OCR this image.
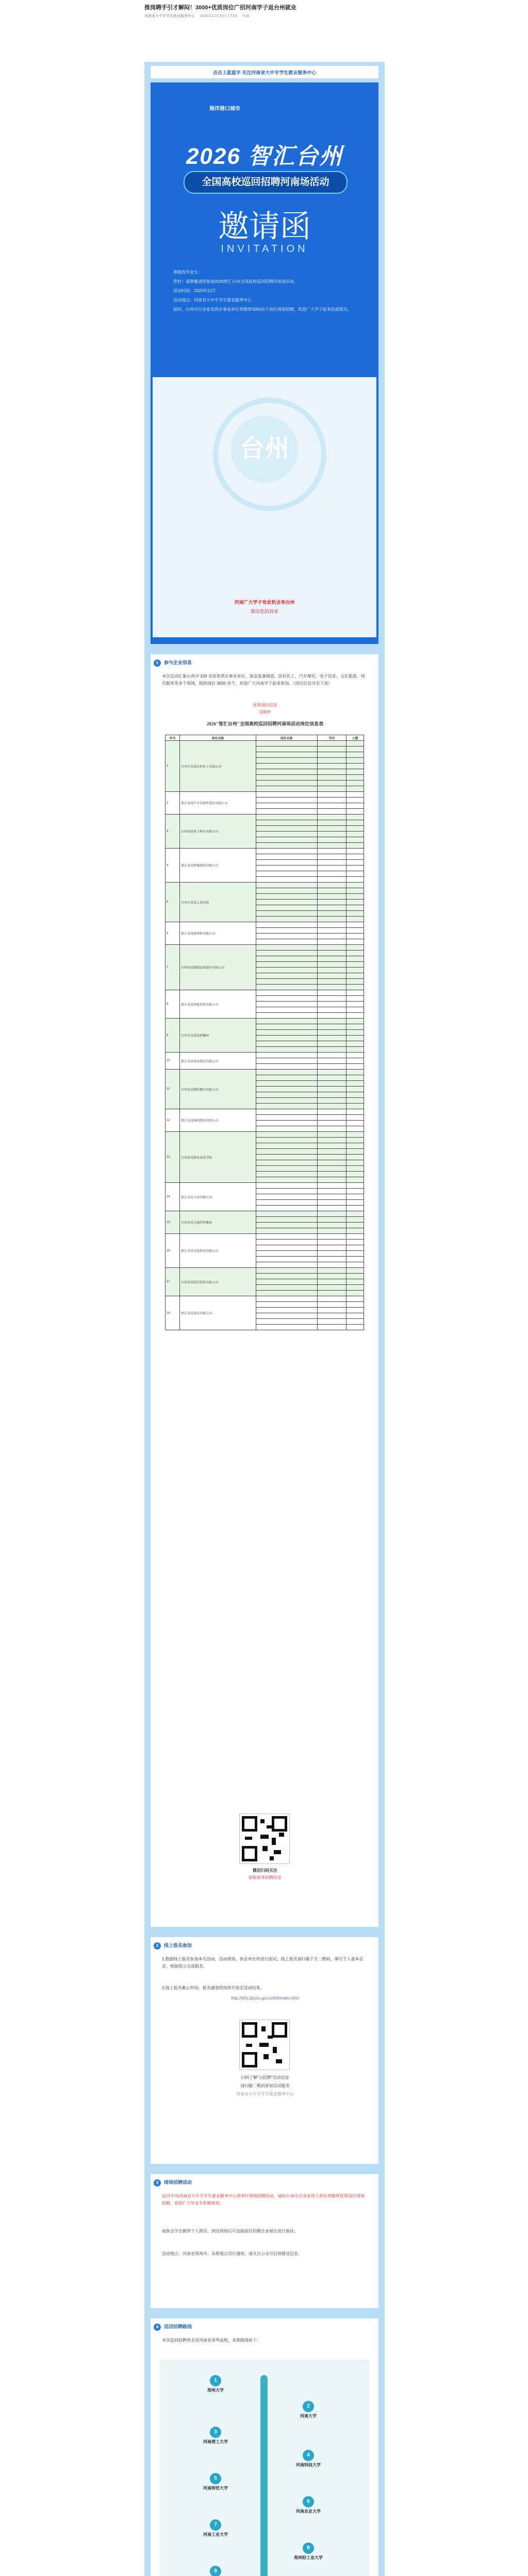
推岗聘手引才解闷！3000+优质岗位广招河南学子返台州就业
河南省大中专学生就业服务中心 2025年12月10日 17:03 河南
点击上蓝蓝字 关注河南省大中专学生就业服务中心
1 参与企业信息
本次活动汇集台州市 100 余家优质企事业单位，涵盖装备制造、医药化工、汽车摩托、电子信息、文化旅游、现代服务等多个领域，提供岗位 3000 余个，欢迎广大河南学子前来参加。（岗位信息详见下表）
更多岗位信息
见附件
2026"智汇台州"全国高校巡回招聘河南场活动岗位信息表
序号	单位名称	岗位名称	学历	人数
1	台州市某某医药化工有限公司			

2	浙江某某汽车零部件股份有限公司			

3	台州某某电子科技有限公司			

4	浙江某某机械制造有限公司			

5	台州市某某人民医院			

6	浙江某某新材料有限公司			

7	台州某某缝制设备股份有限公司			

8	浙江某某智能装备有限公司			

9	台州市某某投资集团			

10	浙江某某泵业股份有限公司			

11	台州某某塑料模具有限公司			

12	浙江某某制药股份有限公司			

13	台州某某职业技术学院			

14	浙江某某卫浴有限公司			

15	台州某某交通投资集团			

16	浙江某某光电科技有限公司			

17	台州某某银行股份有限公司			

18	浙江某某食品有限公司			

微信扫码关注
获取更多招聘信息
2 线上报名参加
1.数据线上报名参加本次活动，活动现场，参会单位将进行面试；线上报名请扫描下方二维码，填写个人基本信息，根据提示完成报名。
2.线上报名截止时间：报名通道将持续开放至活动结束。
http://fzhj.zjzyzx.gov.cn/h5/index.html
扫码了解"云招聘"活动信息
请扫描二维码参加活动报名
河南省大中专学生就业服务中心
3 现场招聘活动
12月中旬河南省大中专学生就业服务中心将举行现场招聘活动，届时台州市百余家用人单位将携带优质岗位现场招聘，欢迎广大毕业生积极参加。
请参会学生携带个人简历，到达现场后可直接前往招聘企业展位进行面试。
活动地点：河南省郑州市。具体地点另行通知，请关注公众号后续推送信息。
4 巡回招聘路线
本次巡回招聘将走进河南省多所高校，具体路线如下：
1
郑州大学
2
河南大学
3
河南理工大学
4
河南科技大学
5
河南师范大学
6
河南农业大学
7
河南工业大学
8
郑州轻工业大学
9
海洋港口城市
2026 智汇台州
全国高校巡回招聘河南场活动
邀请函
INVITATION

尊敬的毕业生：

您好！诚挚邀请您参加2026智汇台州全国高校巡回招聘河南场活动。

活动时间：2025年12月

活动地点：河南省大中专学生就业服务中心

届时，台州市百余家优质企事业单位将携带3000余个岗位现场招聘，欢迎广大学子前来投递简历。

台州
河南广大学子有此机会来台州
期待您的到来
